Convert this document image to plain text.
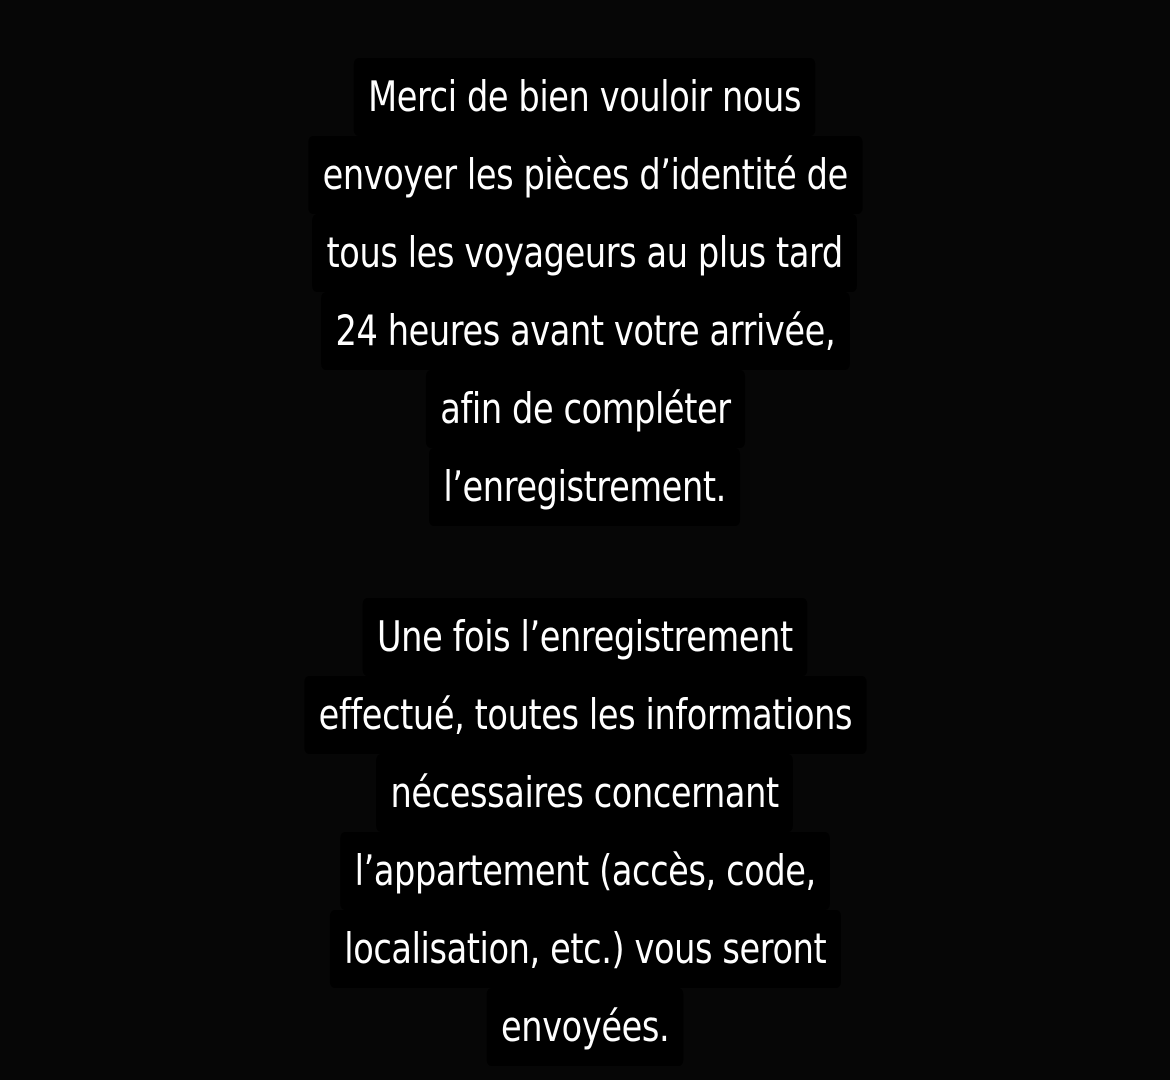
Merci de bien vouloir nous
envoyer les pièces d’identité de
tous les voyageurs au plus tard
24 heures avant votre arrivée,
afin de compléter
l’enregistrement.
Une fois l’enregistrement
effectué, toutes les informations
nécessaires concernant
l’appartement (accès, code,
localisation, etc.) vous seront
envoyées.
